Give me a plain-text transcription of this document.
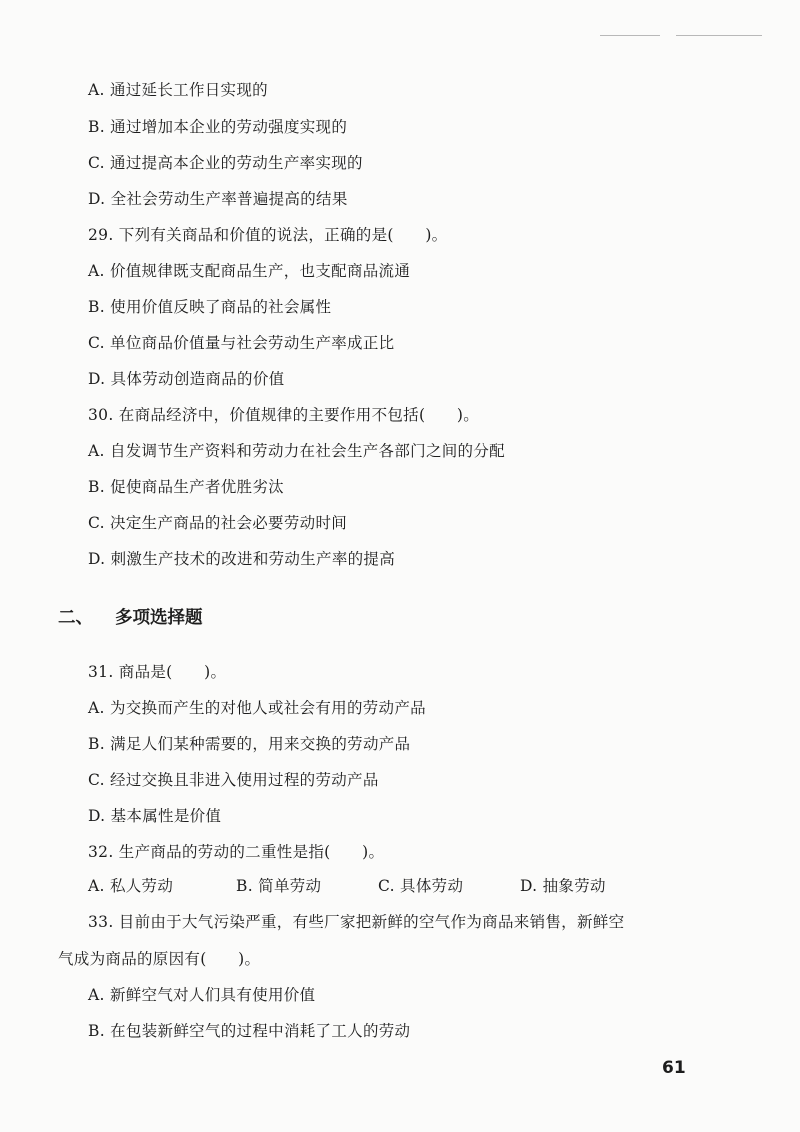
A. 通过延长工作日实现的
B. 通过增加本企业的劳动强度实现的
C. 通过提高本企业的劳动生产率实现的
D. 全社会劳动生产率普遍提高的结果
29. 下列有关商品和价值的说法，正确的是(　　)。
A. 价值规律既支配商品生产，也支配商品流通
B. 使用价值反映了商品的社会属性
C. 单位商品价值量与社会劳动生产率成正比
D. 具体劳动创造商品的价值
30. 在商品经济中，价值规律的主要作用不包括(　　)。
A. 自发调节生产资料和劳动力在社会生产各部门之间的分配
B. 促使商品生产者优胜劣汰
C. 决定生产商品的社会必要劳动时间
D. 刺激生产技术的改进和劳动生产率的提高
二、 多项选择题
31. 商品是(　　)。
A. 为交换而产生的对他人或社会有用的劳动产品
B. 满足人们某种需要的，用来交换的劳动产品
C. 经过交换且非进入使用过程的劳动产品
D. 基本属性是价值
32. 生产商品的劳动的二重性是指(　　)。
A. 私人劳动	B. 简单劳动	C. 具体劳动	D. 抽象劳动
33. 目前由于大气污染严重，有些厂家把新鲜的空气作为商品来销售，新鲜空
气成为商品的原因有(　　)。
A. 新鲜空气对人们具有使用价值
B. 在包装新鲜空气的过程中消耗了工人的劳动
61
